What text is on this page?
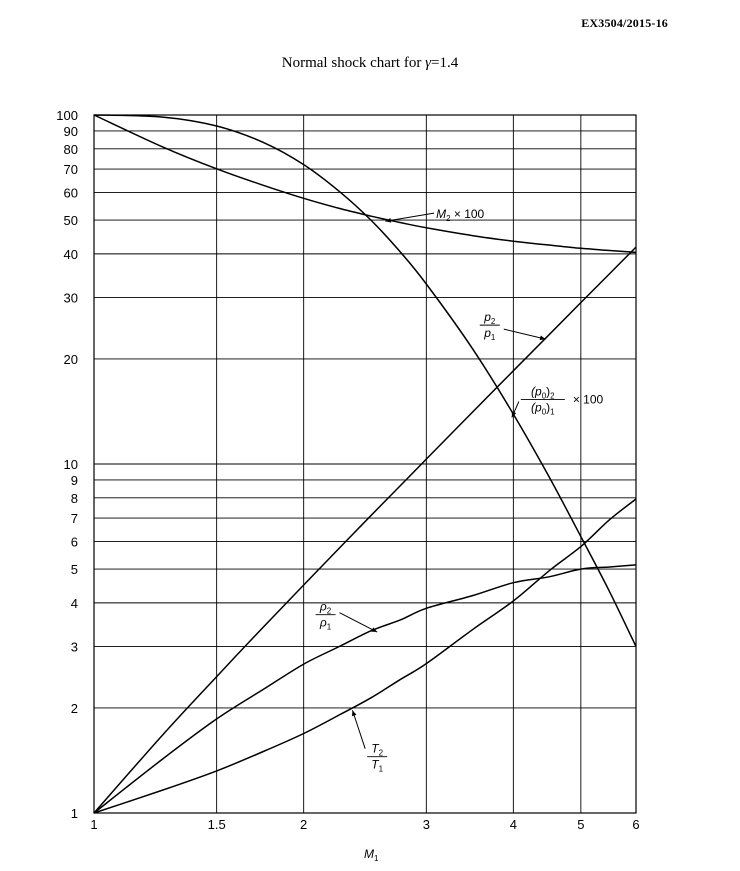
EX3504/2015-16
Normal shock chart for γ=1.4
1	1.5	2	3	4	5	6
1
2
3
4
5
6
7
8
9
10
20
30
40
50
60
70
80
90
100
$M_2 \times 100$
$p_2$
$p_1$
$(p_0)_2$
$(p_0)_1$
× 100
$\rho_2$
$\rho_1$
$T_2$
$T_1$
$M_1$
